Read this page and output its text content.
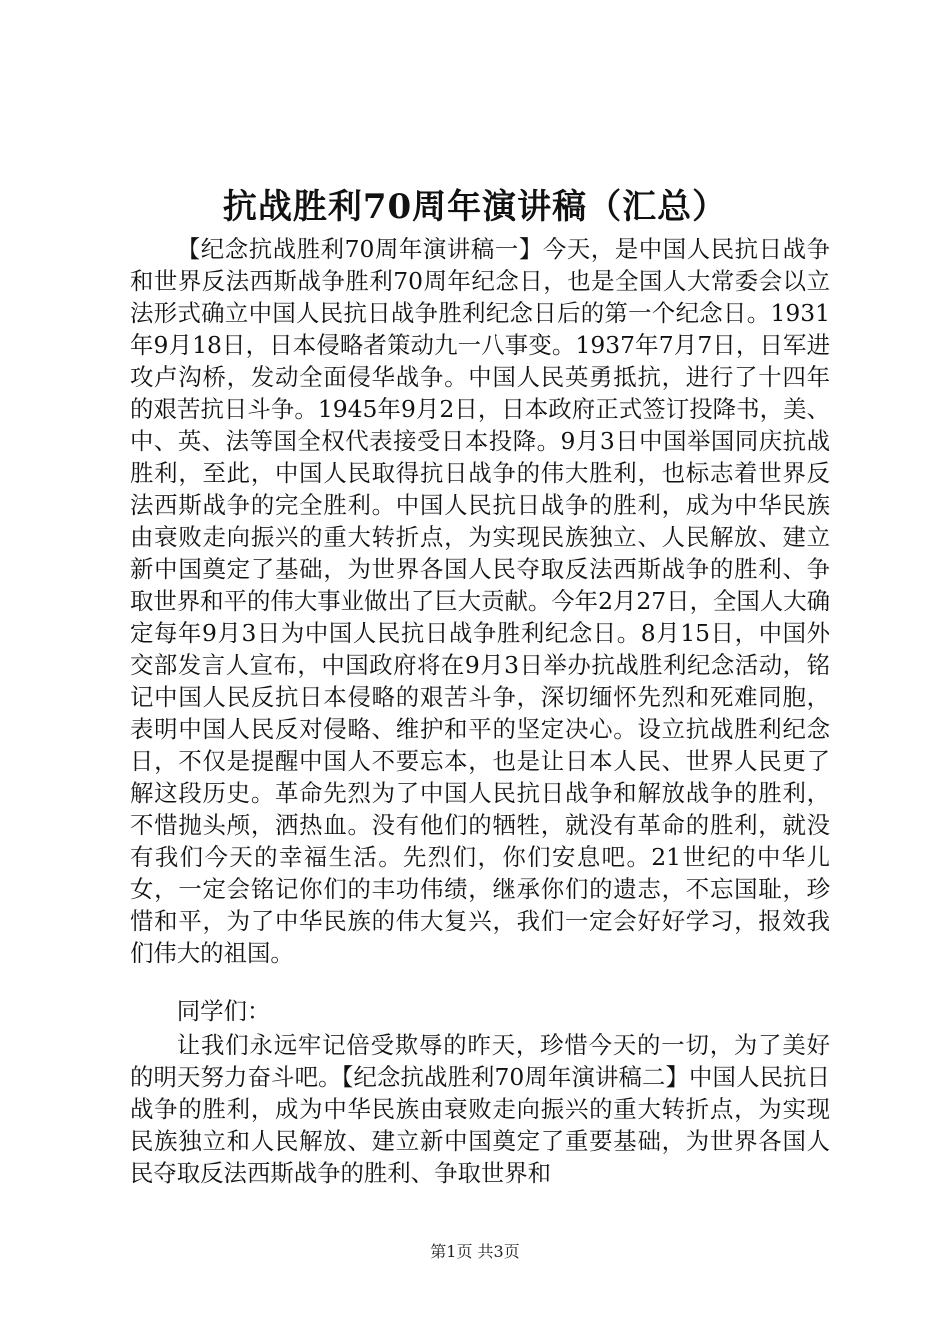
抗战胜利70周年演讲稿（汇总）

【纪念抗战胜利70周年演讲稿一】今天，是中国人民抗日战争和世界反法西斯战争胜利70周年纪念日，也是全国人大常委会以立法形式确立中国人民抗日战争胜利纪念日后的第一个纪念日。1931年9月18日，日本侵略者策动九一八事变。1937年7月7日，日军进攻卢沟桥，发动全面侵华战争。中国人民英勇抵抗，进行了十四年的艰苦抗日斗争。1945年9月2日，日本政府正式签订投降书，美、中、英、法等国全权代表接受日本投降。9月3日中国举国同庆抗战胜利，至此，中国人民取得抗日战争的伟大胜利，也标志着世界反法西斯战争的完全胜利。中国人民抗日战争的胜利，成为中华民族由衰败走向振兴的重大转折点，为实现民族独立、人民解放、建立新中国奠定了基础，为世界各国人民夺取反法西斯战争的胜利、争取世界和平的伟大事业做出了巨大贡献。今年2月27日，全国人大确定每年9月3日为中国人民抗日战争胜利纪念日。8月15日，中国外交部发言人宣布，中国政府将在9月3日举办抗战胜利纪念活动，铭记中国人民反抗日本侵略的艰苦斗争，深切缅怀先烈和死难同胞，表明中国人民反对侵略、维护和平的坚定决心。设立抗战胜利纪念日，不仅是提醒中国人不要忘本，也是让日本人民、世界人民更了解这段历史。革命先烈为了中国人民抗日战争和解放战争的胜利，不惜抛头颅，洒热血。没有他们的牺牲，就没有革命的胜利，就没有我们今天的幸福生活。先烈们，你们安息吧。21世纪的中华儿女，一定会铭记你们的丰功伟绩，继承你们的遗志，不忘国耻，珍惜和平，为了中华民族的伟大复兴，我们一定会好好学习，报效我们伟大的祖国。

同学们：

让我们永远牢记倍受欺辱的昨天，珍惜今天的一切，为了美好的明天努力奋斗吧。【纪念抗战胜利70周年演讲稿二】中国人民抗日战争的胜利，成为中华民族由衰败走向振兴的重大转折点，为实现民族独立和人民解放、建立新中国奠定了重要基础，为世界各国人民夺取反法西斯战争的胜利、争取世界和

第1页 共3页
